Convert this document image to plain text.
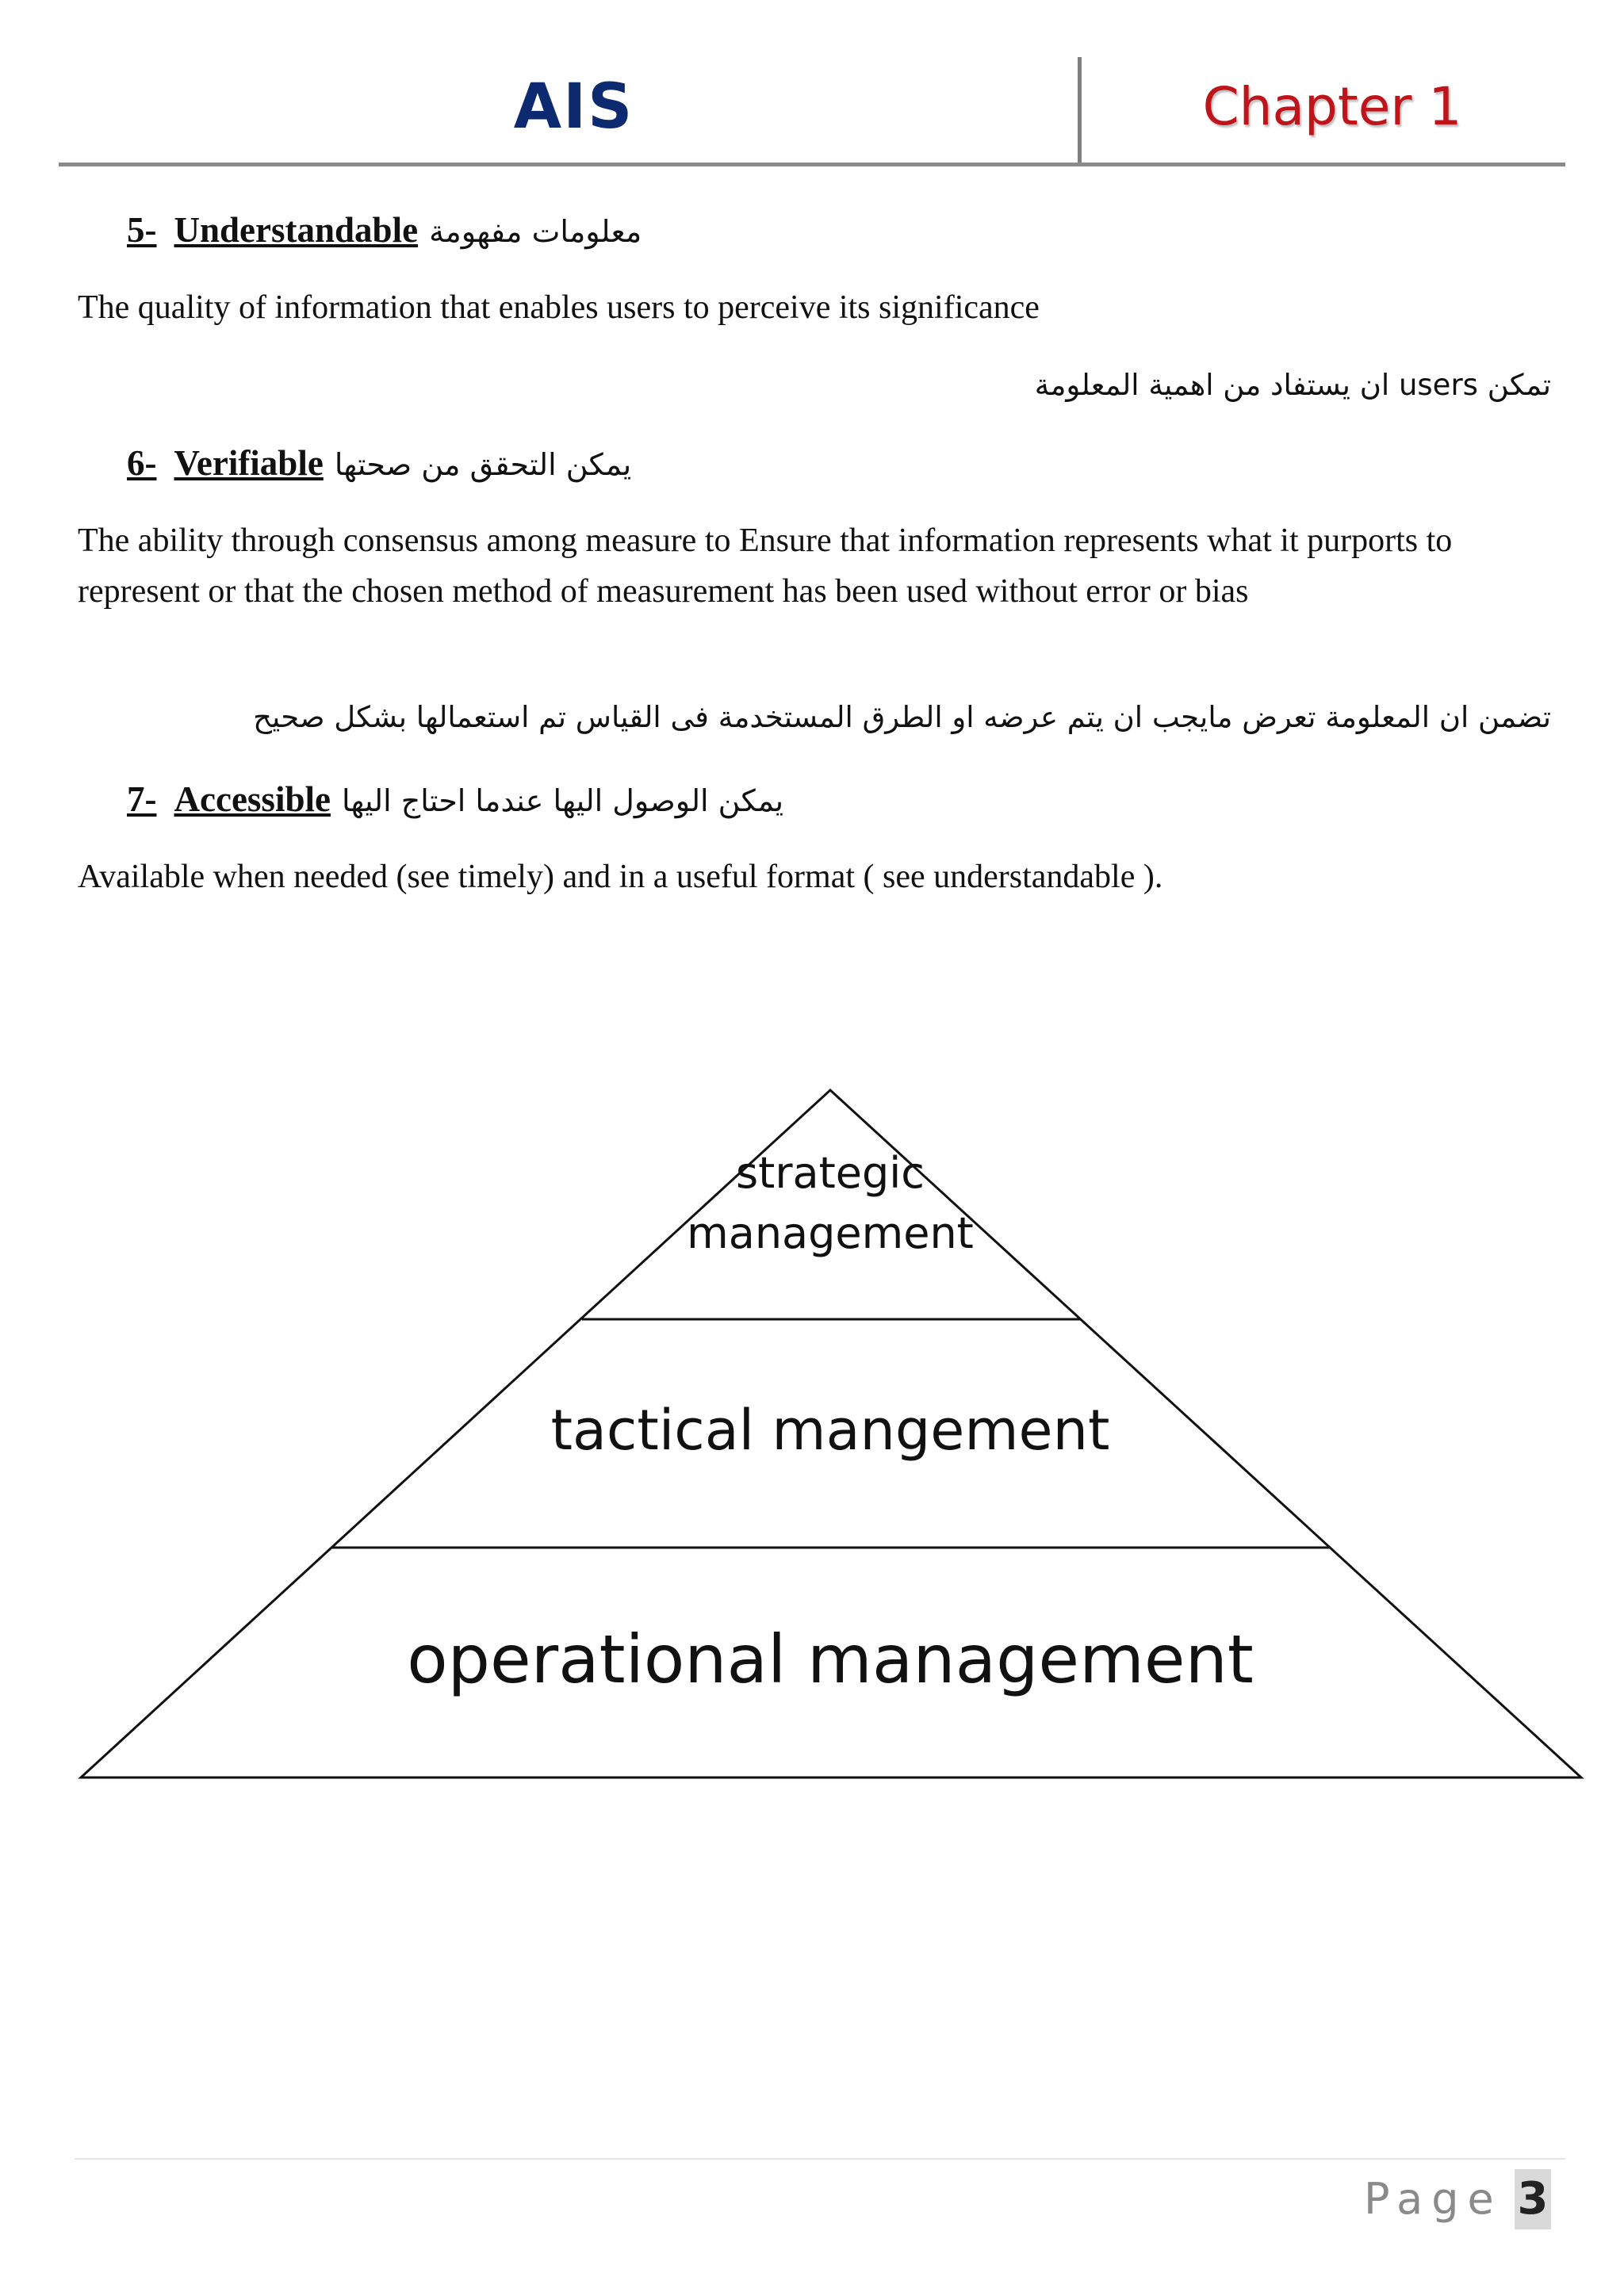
AIS	Chapter 1
5- Understandable معلومات مفهومة

The quality of information that enables users to perceive its significance

تمكن users ان يستفاد من اهمية المعلومة
6- Verifiable يمكن التحقق من صحتها

The ability through consensus among measure to Ensure that information represents what it purports to represent or that the chosen method of measurement has been used without error or bias

تضمن ان المعلومة تعرض مايجب ان يتم عرضه او الطرق المستخدمة فى القياس تم استعمالها بشكل صحيح
7- Accessible يمكن الوصول اليها عندما احتاج اليها

Available when needed (see timely) and in a useful format ( see understandable ).

strategic
management
tactical mangement
operational management
Page 3
